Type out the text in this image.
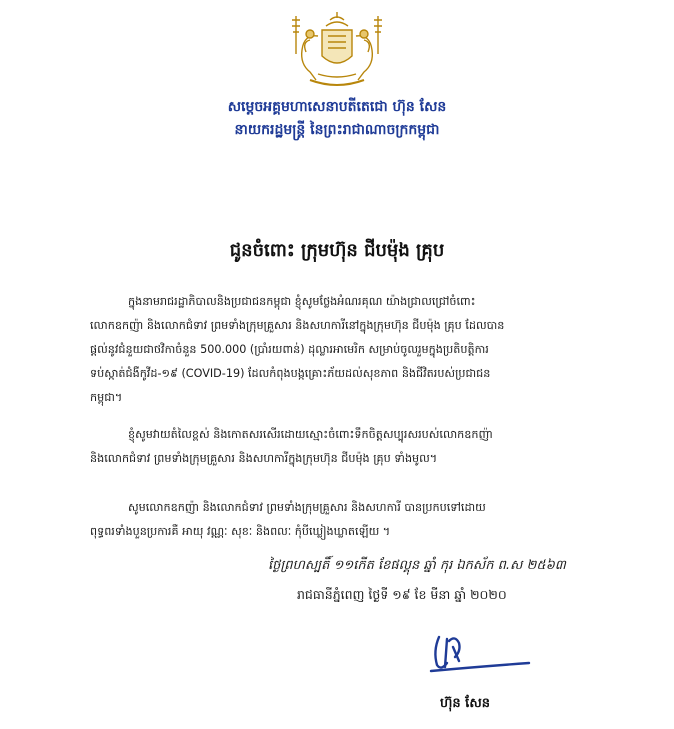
សម្ដេចអគ្គមហាសេនាបតីតេជោ ហ៊ុន សែន
នាយករដ្ឋមន្ត្រី នៃព្រះរាជាណាចក្រកម្ពុជា
ជូនចំពោះ ក្រុមហ៊ុន ជីបម៉ុង គ្រុប
ក្នុងនាមរាជរដ្ឋាភិបាលនិងប្រជាជនកម្ពុជា ខ្ញុំសូមថ្លែងអំណរគុណ យ៉ាងជ្រាលជ្រៅចំពោះ
លោកឧកញ៉ា និងលោកជំទាវ ព្រមទាំងក្រុមគ្រួសារ និងសហការីនៅក្នុងក្រុមហ៊ុន ជីបម៉ុង គ្រុប ដែលបាន
ផ្ដល់នូវជំនួយជាថវិកាចំនួន 500.000 (ប្រាំរយពាន់) ដុល្លារអាមេរិក សម្រាប់ចូលរួមក្នុងប្រតិបត្តិការ
ទប់ស្កាត់ជំងឺកូវីដ-១៩ (COVID-19) ដែលកំពុងបង្កគ្រោះភ័យដល់សុខភាព និងជីវិតរបស់ប្រជាជន
កម្ពុជា។
ខ្ញុំសូមវាយតំលៃខ្ពស់ និងកោតសរសើរដោយស្មោះចំពោះទឹកចិត្តសប្បុរសរបស់លោកឧកញ៉ា
និងលោកជំទាវ ព្រមទាំងក្រុមគ្រួសារ និងសហការីក្នុងក្រុមហ៊ុន ជីបម៉ុង គ្រុប ទាំងមូល។
សូមលោកឧកញ៉ា និងលោកជំទាវ ព្រមទាំងក្រុមគ្រួសារ និងសហការី បានប្រកបទៅដោយ
ពុទ្ធពរទាំងបួនប្រការគឺ អាយុ វណ្ណៈ សុខៈ និងពលៈ កុំបីឃ្លៀងឃ្លាតឡើយ ។
ថ្ងៃព្រហស្បតិ៍ ១១កើត ខែផល្គុន ឆ្នាំ កុរ ឯកស័ក ព.ស ២៥៦៣
រាជធានីភ្នំពេញ ថ្ងៃទី ១៩ ខែ មីនា ឆ្នាំ ២០២០
ហ៊ុន សែន
